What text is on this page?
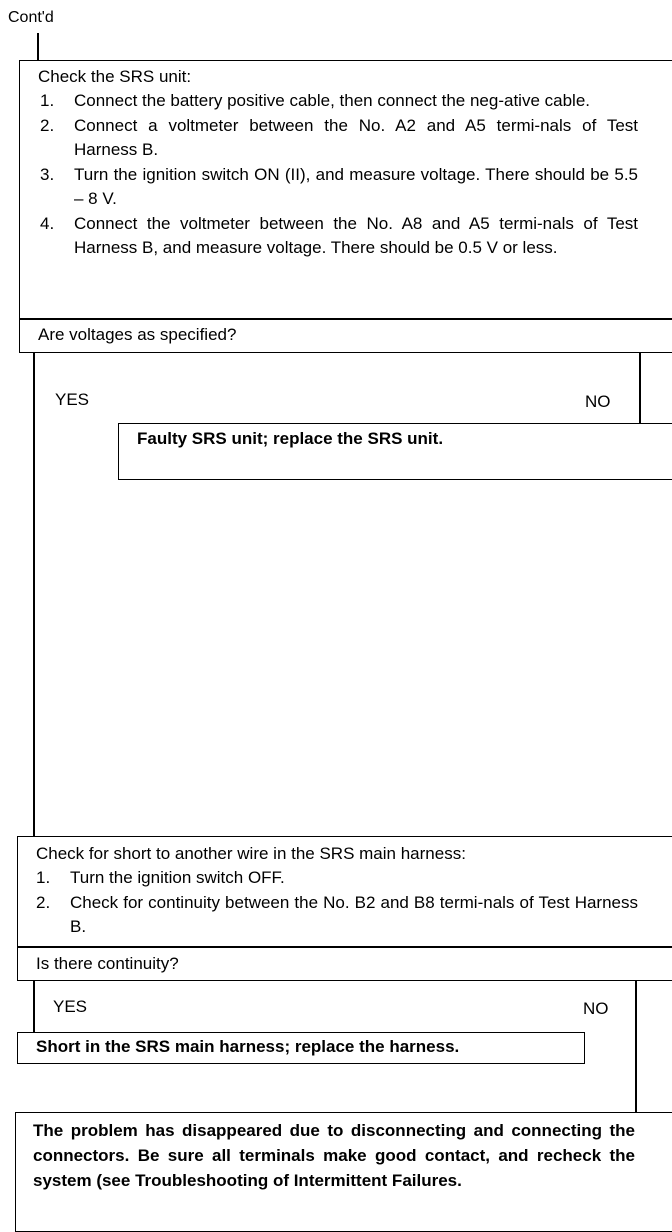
Cont'd
Check the SRS unit:
1. Connect the battery positive cable, then connect the neg-ative cable.
2. Connect a voltmeter between the No. A2 and A5 termi-nals of Test Harness B.
3. Turn the ignition switch ON (II), and measure voltage. There should be 5.5 – 8 V.
4. Connect the voltmeter between the No. A8 and A5 termi-nals of Test Harness B, and measure voltage. There should be 0.5 V or less.
Are voltages as specified?
YES	NO
Faulty SRS unit; replace the SRS unit.
Check for short to another wire in the SRS main harness:
1. Turn the ignition switch OFF.
2. Check for continuity between the No. B2 and B8 termi-nals of Test Harness B.
Is there continuity?
YES	NO
Short in the SRS main harness; replace the harness.
The problem has disappeared due to disconnecting and connecting the connectors. Be sure all terminals make good contact, and recheck the system (see Troubleshooting of Intermittent Failures.
